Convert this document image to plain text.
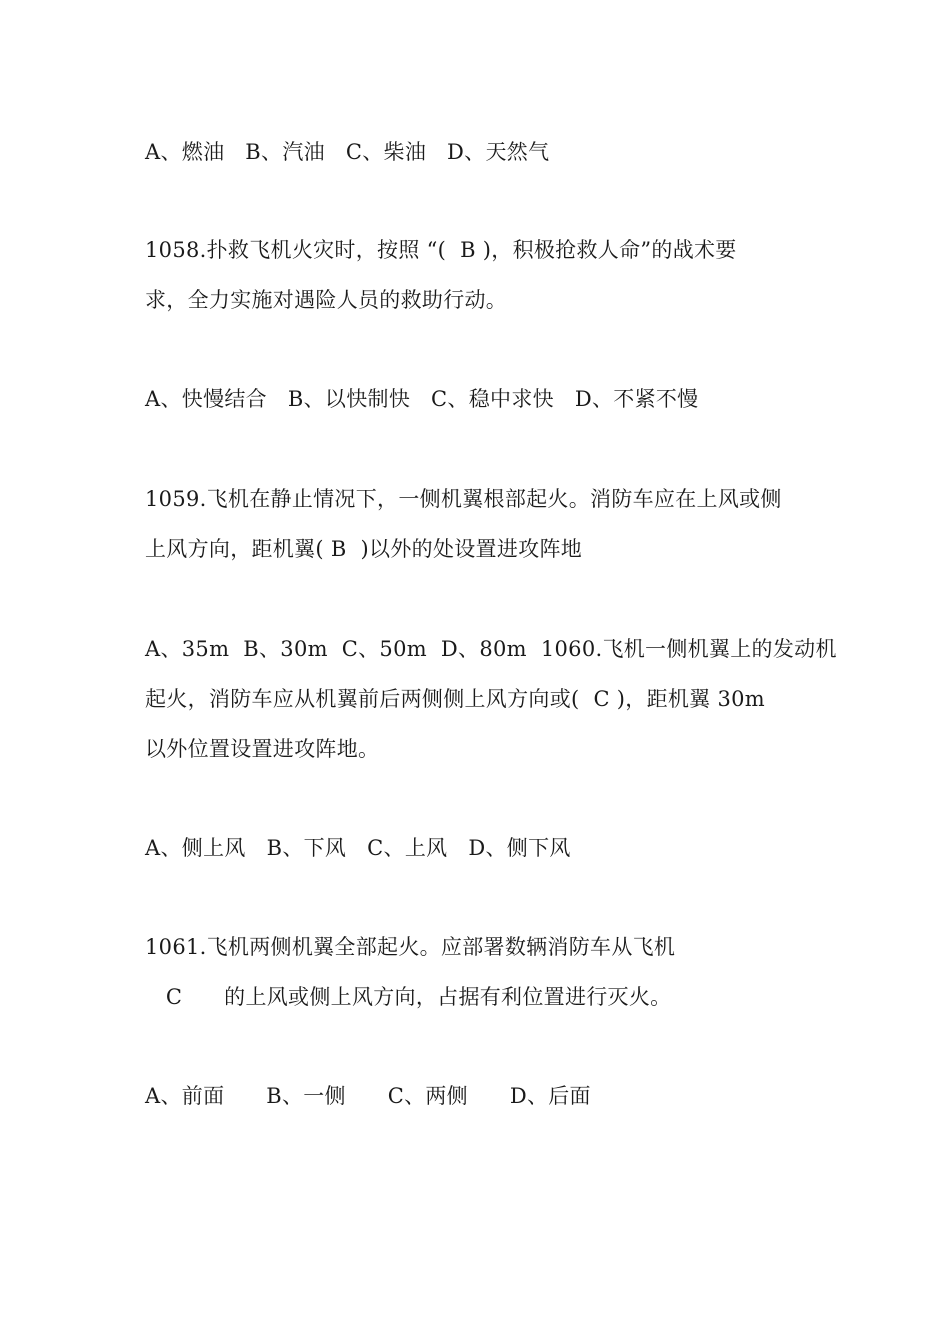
A、燃油   B、汽油   C、柴油   D、天然气
1058.扑救飞机火灾时，按照 “(  B )，积极抢救人命”的战术要
求，全力实施对遇险人员的救助行动。
A、快慢结合   B、以快制快   C、稳中求快   D、不紧不慢
1059.飞机在静止情况下，一侧机翼根部起火。消防车应在上风或侧
上风方向，距机翼( B  )以外的处设置进攻阵地
A、35m  B、30m  C、50m  D、80m  1060.飞机一侧机翼上的发动机
起火，消防车应从机翼前后两侧侧上风方向或(  C )，距机翼 30m
以外位置设置进攻阵地。
A、侧上风   B、下风   C、上风   D、侧下风
1061.飞机两侧机翼全部起火。应部署数辆消防车从飞机
C      的上风或侧上风方向，占据有利位置进行灭火。
A、前面      B、一侧      C、两侧      D、后面
